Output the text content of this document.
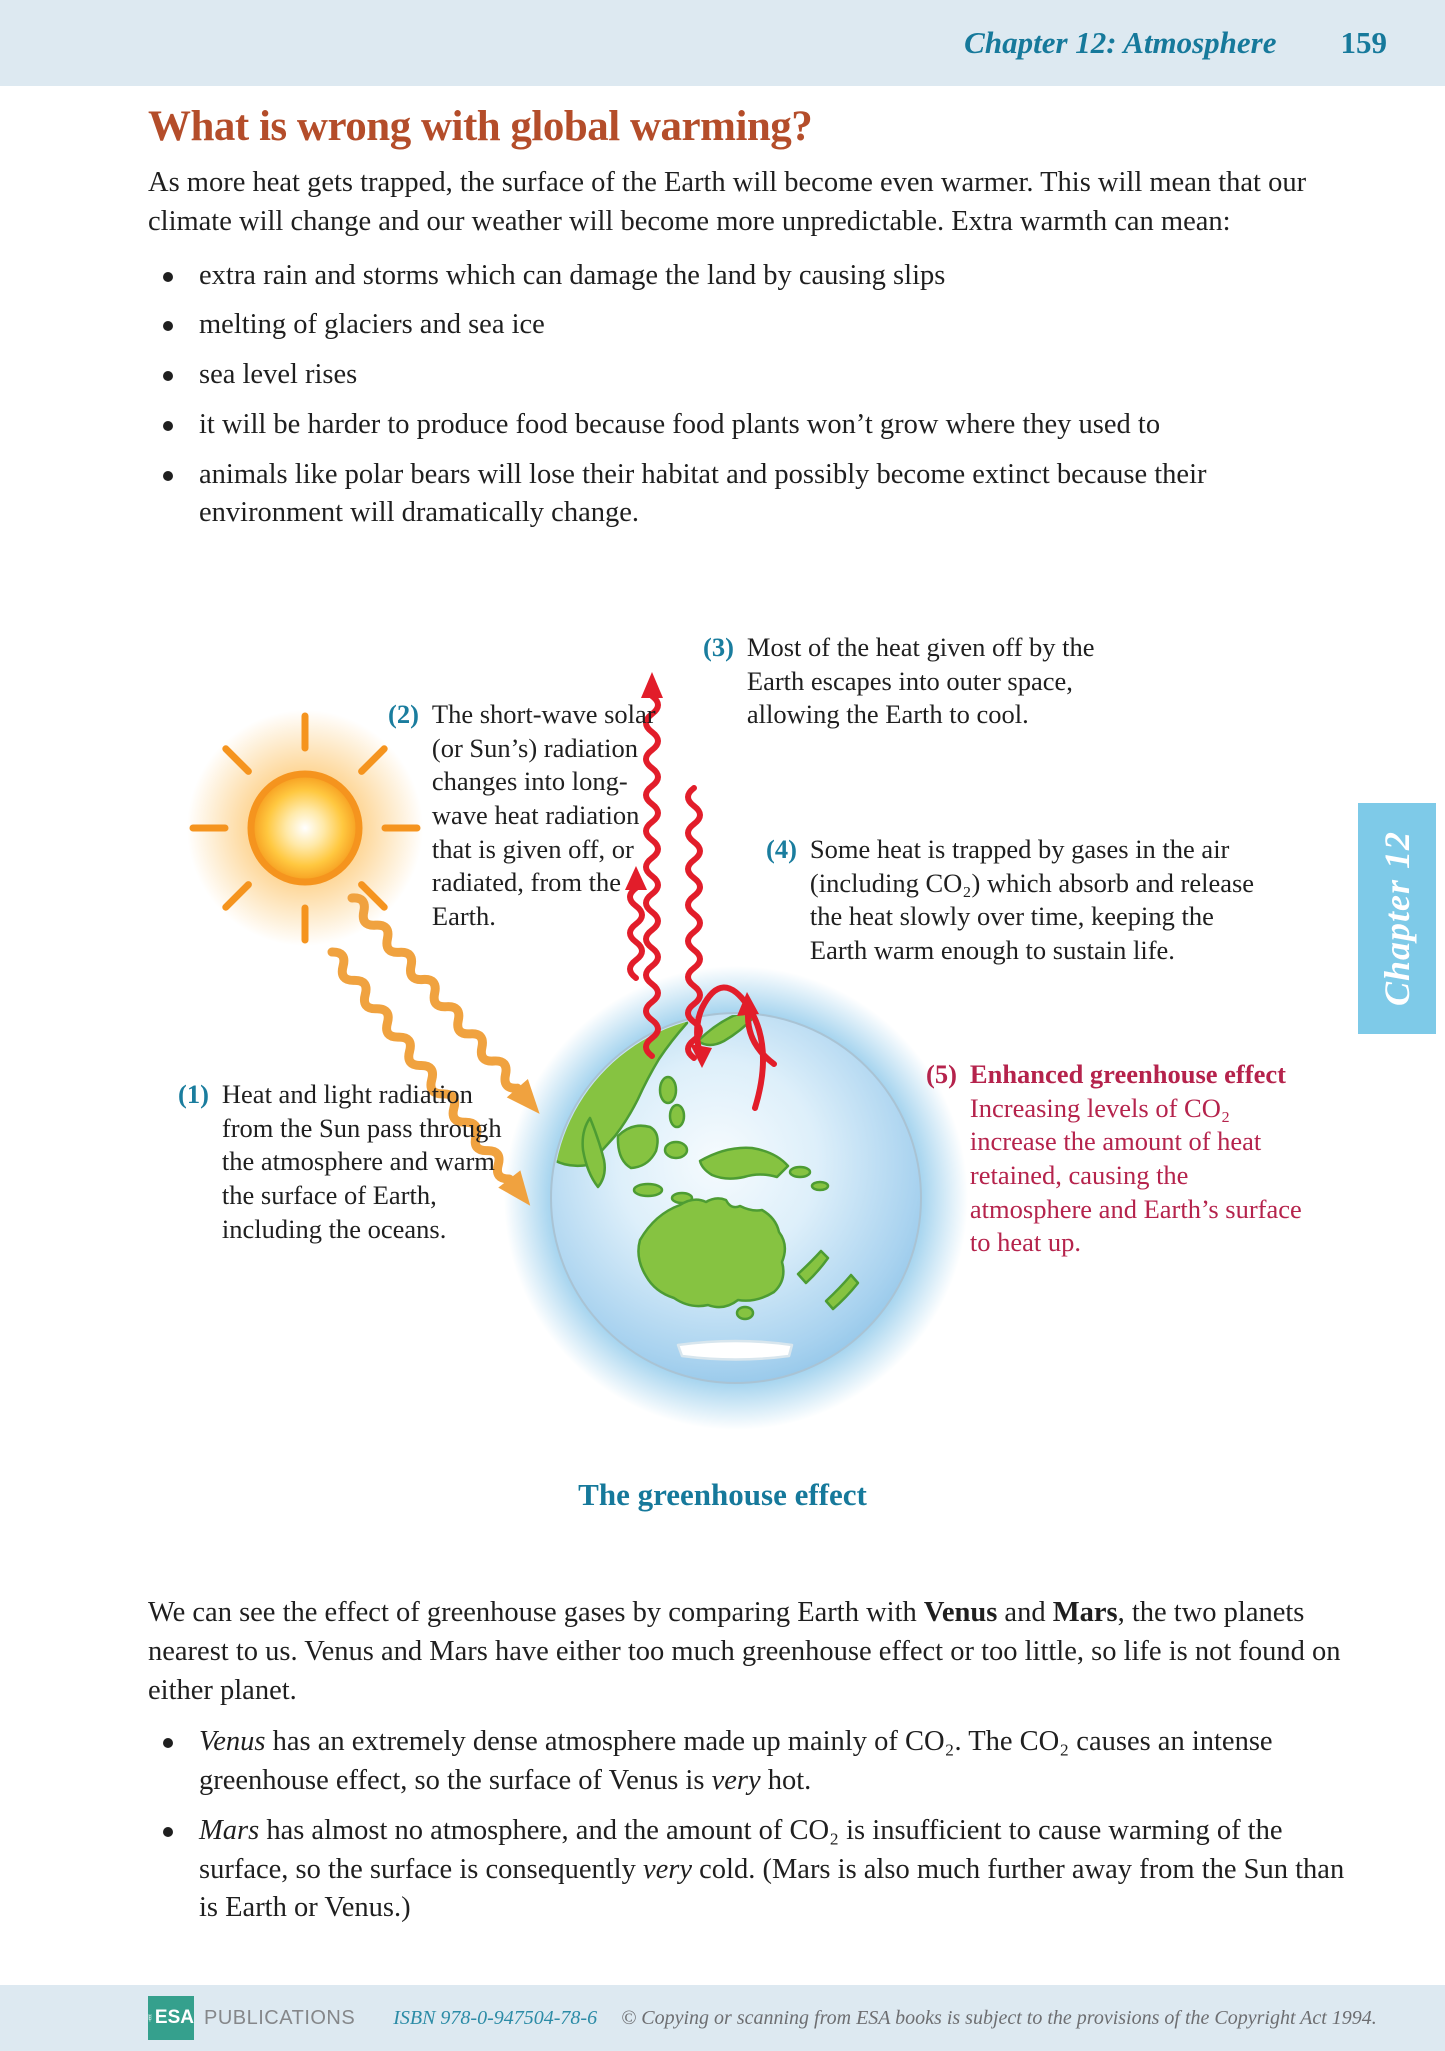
Chapter 12: Atmosphere 159
What is wrong with global warming?

As more heat gets trapped, the surface of the Earth will become even warmer. This will mean that our climate will change and our weather will become more unpredictable. Extra warmth can mean:

extra rain and storms which can damage the land by causing slips
melting of glaciers and sea ice
sea level rises
it will be harder to produce food because food plants won’t grow where they used to
animals like polar bears will lose their habitat and possibly become extinct because their environment will dramatically change.
(1) Heat and light radiation from the Sun pass through the atmosphere and warm the surface of Earth, including the oceans.
(2) The short-wave solar (or Sun’s) radiation changes into long-wave heat radiation that is given off, or radiated, from the Earth.
(3) Most of the heat given off by the Earth escapes into outer space, allowing the Earth to cool.
(4) Some heat is trapped by gases in the air (including CO₂) which absorb and release the heat slowly over time, keeping the Earth warm enough to sustain life.
(5) Enhanced greenhouse effect
Increasing levels of CO₂ increase the amount of heat retained, causing the atmosphere and Earth’s surface to heat up.
The greenhouse effect
Chapter 12

We can see the effect of greenhouse gases by comparing Earth with Venus and Mars, the two planets nearest to us. Venus and Mars have either too much greenhouse effect or too little, so life is not found on either planet.

Venus has an extremely dense atmosphere made up mainly of CO₂. The CO₂ causes an intense greenhouse effect, so the surface of Venus is very hot.
Mars has almost no atmosphere, and the amount of CO₂ is insufficient to cause warming of the surface, so the surface is consequently very cold. (Mars is also much further away from the Sun than is Earth or Venus.)
ESA PUBLICATIONS ISBN 978-0-947504-78-6 © Copying or scanning from ESA books is subject to the provisions of the Copyright Act 1994.
